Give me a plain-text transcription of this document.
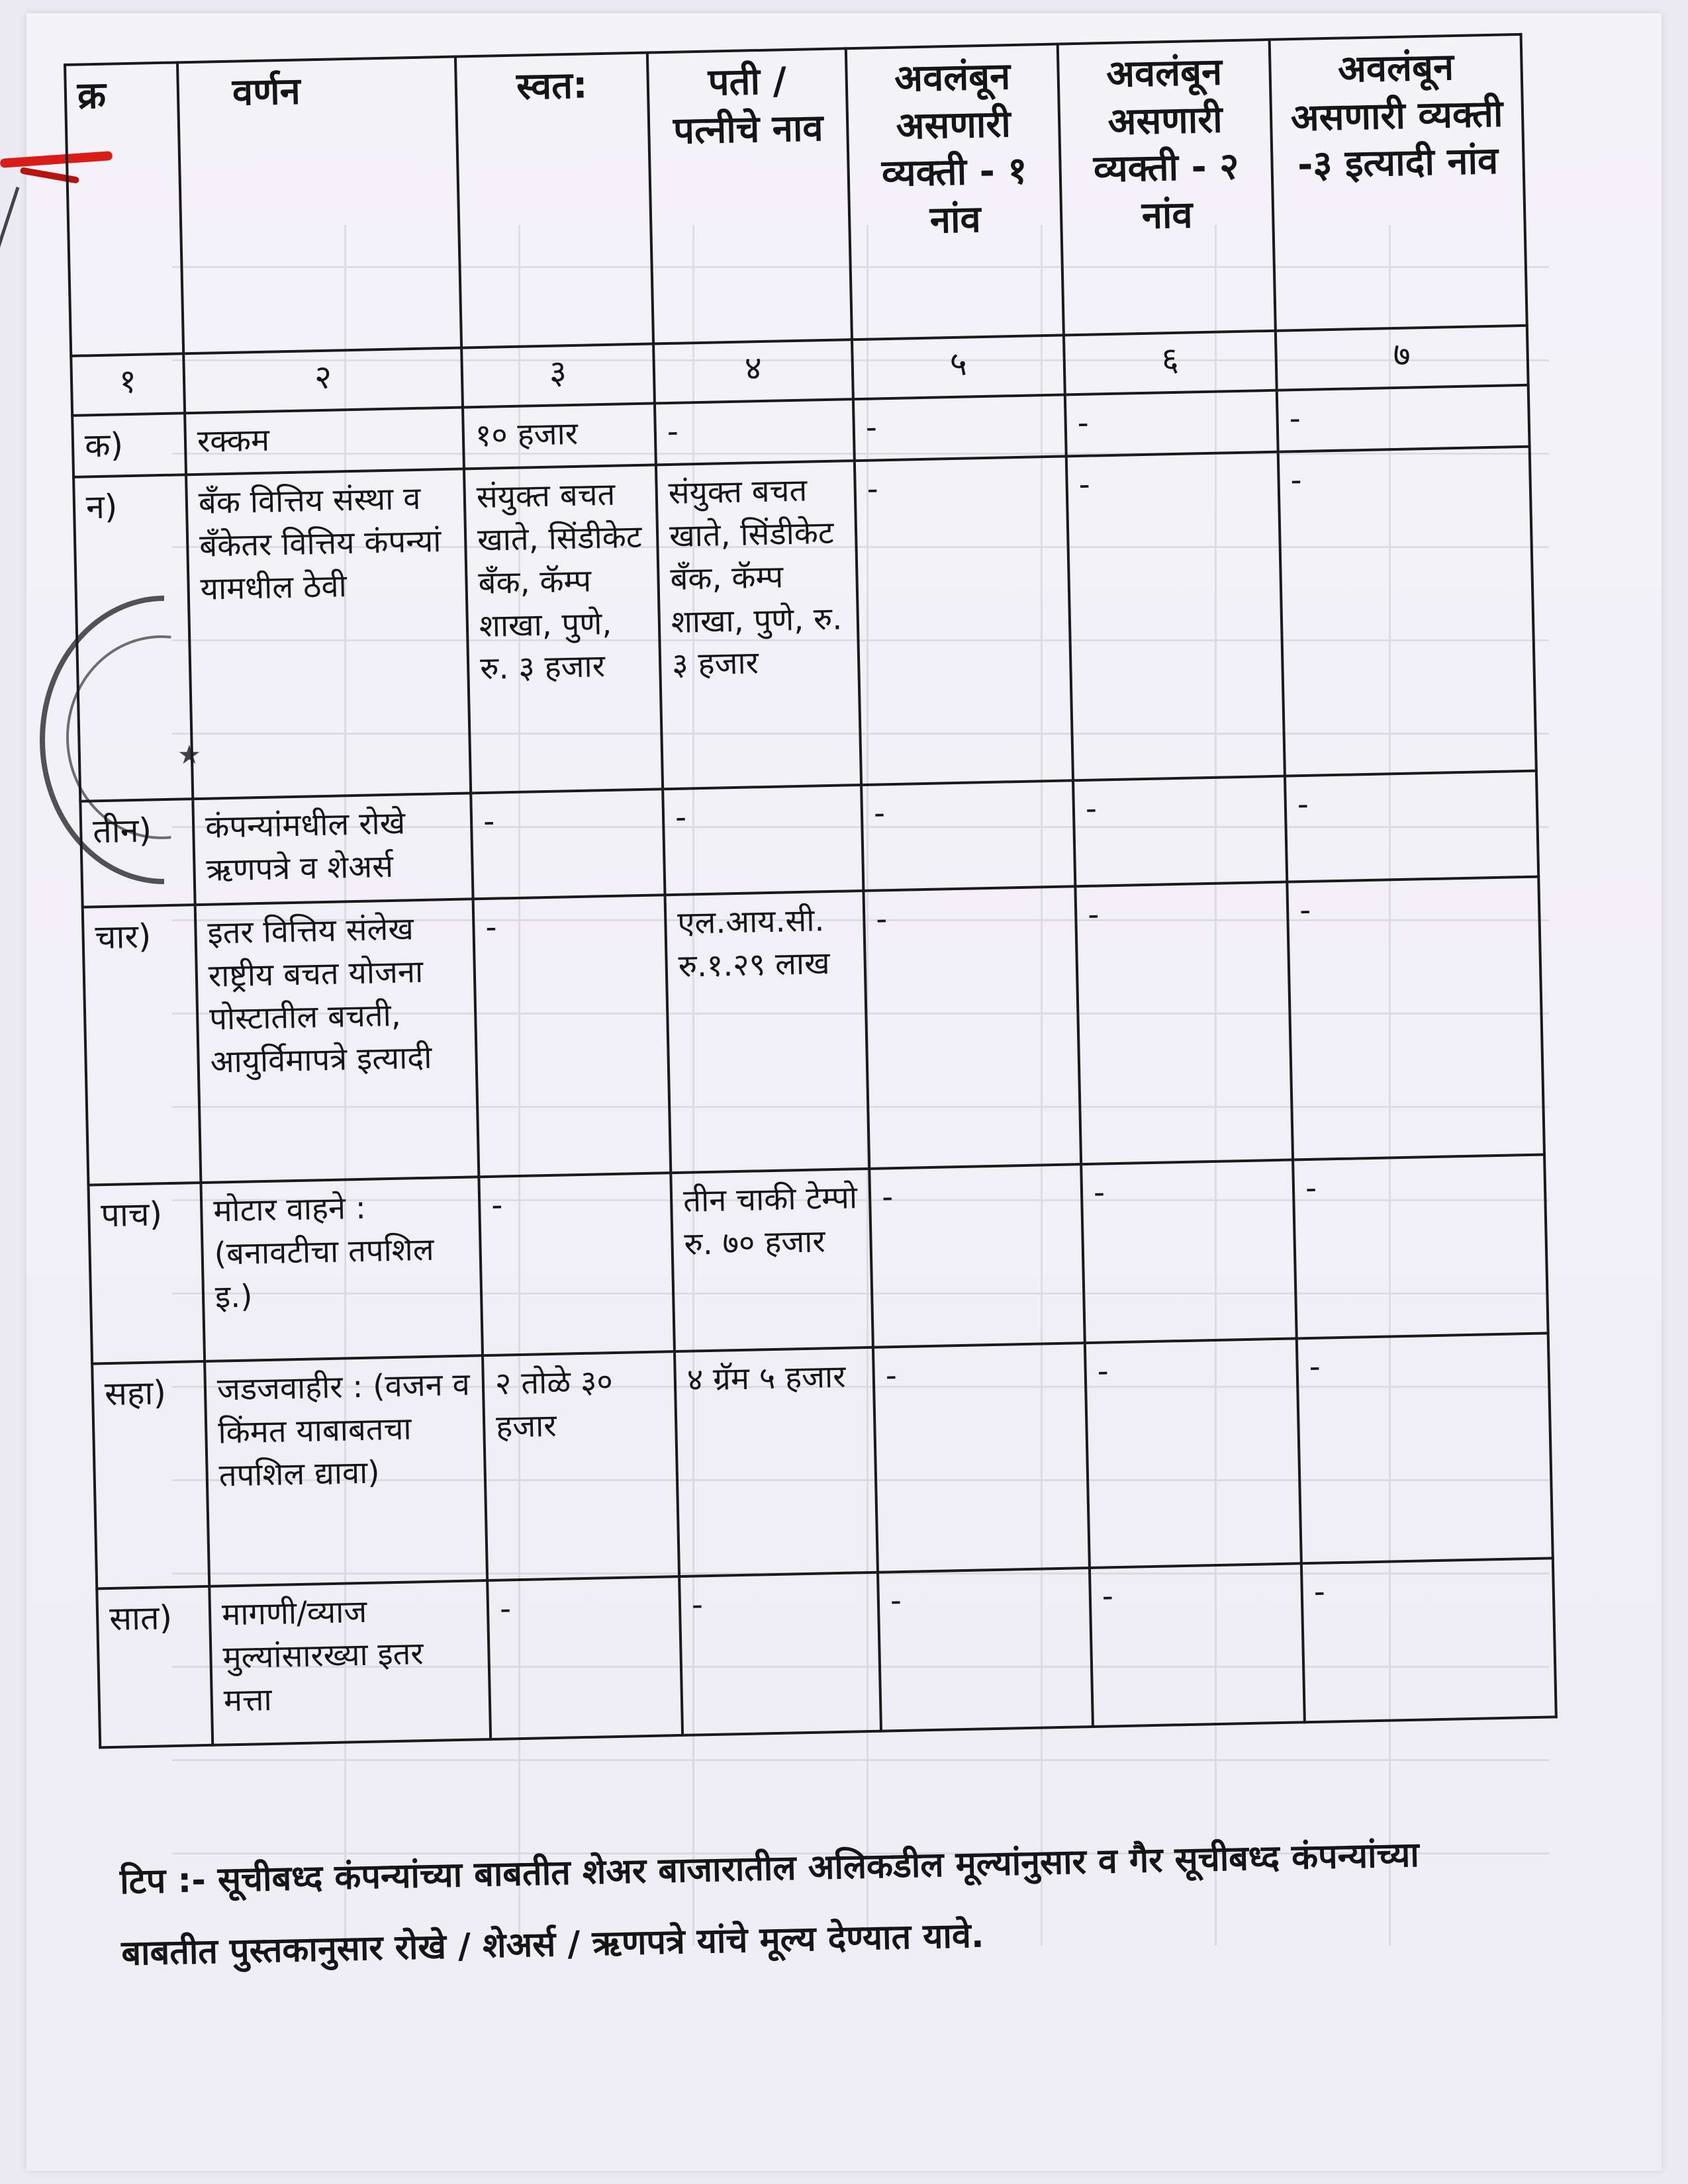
★
क्र	वर्णन	स्वत:	पती / पत्नीचे नाव	अवलंबून असणारी व्यक्ती - १ नांव	अवलंबून असणारी व्यक्ती - २ नांव	अवलंबून असणारी व्यक्ती -३ इत्यादी नांव
१	२	३	४	५	६	७
क)	रक्कम	१० हजार	-	-	-	-
न)	बँक वित्तिय संस्था व बँकेतर वित्तिय कंपन्यां यामधील ठेवी	संयुक्त बचत खाते, सिंडीकेट बँक, कॅम्प शाखा, पुणे, रु. ३ हजार	संयुक्त बचत खाते, सिंडीकेट बँक, कॅम्प शाखा, पुणे, रु. ३ हजार	-	-	-
तीन)	कंपन्यांमधील रोखे ऋणपत्रे व शेअर्स	-	-	-	-	-
चार)	इतर वित्तिय संलेख राष्ट्रीय बचत योजना पोस्टातील बचती, आयुर्विमापत्रे इत्यादी	-	एल.आय.सी. रु.१.२९ लाख	-	-	-
पाच)	मोटार वाहने : (बनावटीचा तपशिल इ.)	-	तीन चाकी टेम्पो रु. ७० हजार	-	-	-
सहा)	जडजवाहीर : (वजन व किंमत याबाबतचा तपशिल द्यावा)	२ तोळे ३० हजार	४ ग्रॅम ५ हजार	-	-	-
सात)	मागणी/व्याज मुल्यांसारख्या इतर मत्ता	-	-	-	-	-
टिप :- सूचीबध्द कंपन्यांच्या बाबतीत शेअर बाजारातील अलिकडील मूल्यांनुसार व गैर सूचीबध्द कंपन्यांच्या बाबतीत पुस्तकानुसार रोखे / शेअर्स / ऋणपत्रे यांचे मूल्य देण्यात यावे.
